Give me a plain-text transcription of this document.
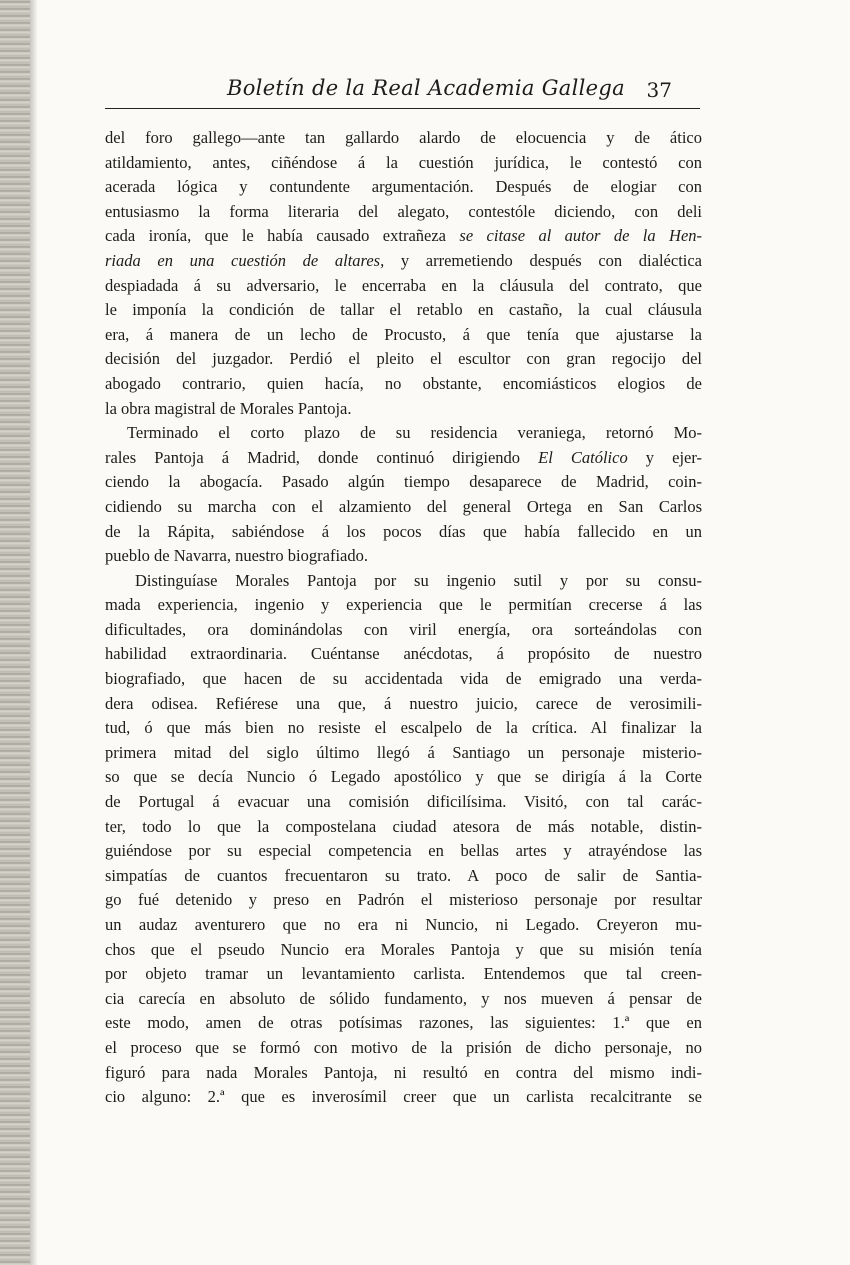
Boletín de la Real Academia Gallega 37
del foro gallego—ante tan gallardo alardo de elocuencia y de ático
atildamiento, antes, ciñéndose á la cuestión jurídica, le contestó con
acerada lógica y contundente argumentación. Después de elogiar con
entusiasmo la forma literaria del alegato, contestóle diciendo, con deli
cada ironía, que le había causado extrañeza se citase al autor de la Hen-
riada en una cuestión de altares, y arremetiendo después con dialéctica
despiadada á su adversario, le encerraba en la cláusula del contrato, que
le imponía la condición de tallar el retablo en castaño, la cual cláusula
era, á manera de un lecho de Procusto, á que tenía que ajustarse la
decisión del juzgador. Perdió el pleito el escultor con gran regocijo del
abogado contrario, quien hacía, no obstante, encomiásticos elogios de
la obra magistral de Morales Pantoja.
Terminado el corto plazo de su residencia veraniega, retornó Mo-
rales Pantoja á Madrid, donde continuó dirigiendo El Católico y ejer-
ciendo la abogacía. Pasado algún tiempo desaparece de Madrid, coin-
cidiendo su marcha con el alzamiento del general Ortega en San Carlos
de la Rápita, sabiéndose á los pocos días que había fallecido en un
pueblo de Navarra, nuestro biografiado.
Distinguíase Morales Pantoja por su ingenio sutil y por su consu-
mada experiencia, ingenio y experiencia que le permitían crecerse á las
dificultades, ora dominándolas con viril energía, ora sorteándolas con
habilidad extraordinaria. Cuéntanse anécdotas, á propósito de nuestro
biografiado, que hacen de su accidentada vida de emigrado una verda-
dera odisea. Refiérese una que, á nuestro juicio, carece de verosimili-
tud, ó que más bien no resiste el escalpelo de la crítica. Al finalizar la
primera mitad del siglo último llegó á Santiago un personaje misterio-
so que se decía Nuncio ó Legado apostólico y que se dirigía á la Corte
de Portugal á evacuar una comisión dificilísima. Visitó, con tal carác-
ter, todo lo que la compostelana ciudad atesora de más notable, distin-
guiéndose por su especial competencia en bellas artes y atrayéndose las
simpatías de cuantos frecuentaron su trato. A poco de salir de Santia-
go fué detenido y preso en Padrón el misterioso personaje por resultar
un audaz aventurero que no era ni Nuncio, ni Legado. Creyeron mu-
chos que el pseudo Nuncio era Morales Pantoja y que su misión tenía
por objeto tramar un levantamiento carlista. Entendemos que tal creen-
cia carecía en absoluto de sólido fundamento, y nos mueven á pensar de
este modo, amen de otras potísimas razones, las siguientes: 1.ª que en
el proceso que se formó con motivo de la prisión de dicho personaje, no
figuró para nada Morales Pantoja, ni resultó en contra del mismo indi-
cio alguno: 2.ª que es inverosímil creer que un carlista recalcitrante se
